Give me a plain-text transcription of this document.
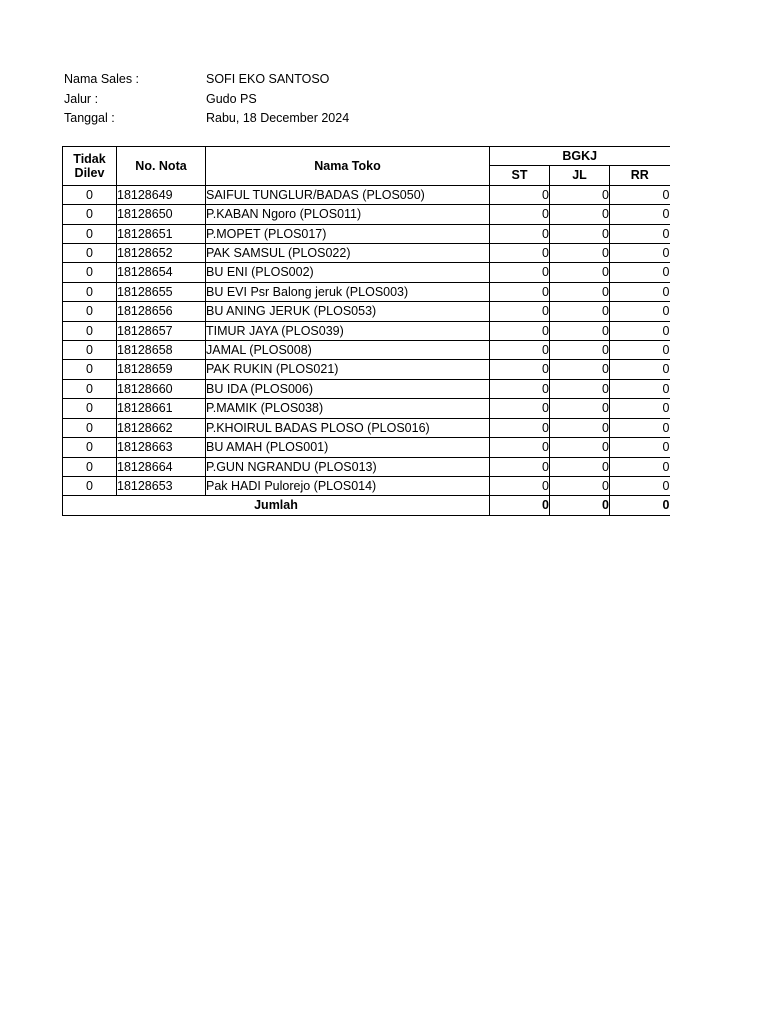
Nama Sales :	SOFI EKO SANTOSO
Jalur :	Gudo PS
Tanggal :	Rabu, 18 December 2024
Tidak
Dilev	No. Nota	Nama Toko	BGKJ		
			ST	JL	RR
0	18128649	SAIFUL TUNGLUR/BADAS (PLOS050)	0	0	0
0	18128650	P.KABAN Ngoro (PLOS011)	0	0	0
0	18128651	P.MOPET (PLOS017)	0	0	0
0	18128652	PAK SAMSUL (PLOS022)	0	0	0
0	18128654	BU ENI (PLOS002)	0	0	0
0	18128655	BU EVI Psr Balong jeruk (PLOS003)	0	0	0
0	18128656	BU ANING JERUK (PLOS053)	0	0	0
0	18128657	TIMUR JAYA (PLOS039)	0	0	0
0	18128658	JAMAL (PLOS008)	0	0	0
0	18128659	PAK RUKIN (PLOS021)	0	0	0
0	18128660	BU IDA (PLOS006)	0	0	0
0	18128661	P.MAMIK (PLOS038)	0	0	0
0	18128662	P.KHOIRUL BADAS PLOSO (PLOS016)	0	0	0
0	18128663	BU AMAH (PLOS001)	0	0	0
0	18128664	P.GUN NGRANDU (PLOS013)	0	0	0
0	18128653	Pak HADI Pulorejo (PLOS014)	0	0	0
Jumlah			0	0	0
